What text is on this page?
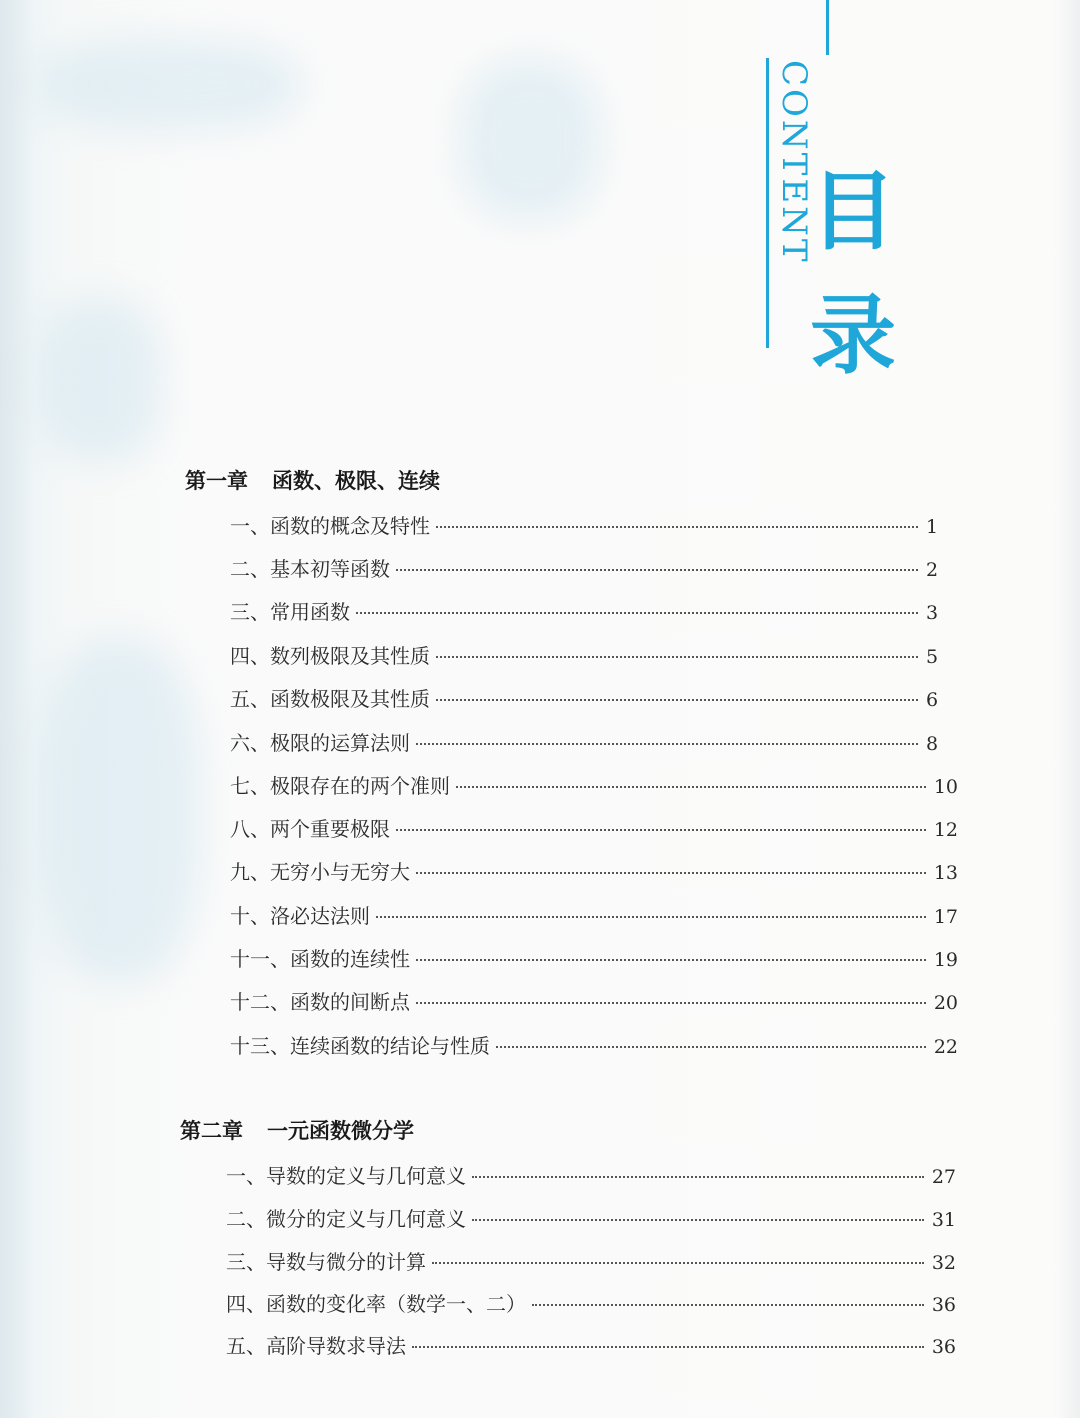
CONTENT
目
录
第一章 函数、极限、连续
一、函数的概念及特性	1
二、基本初等函数	2
三、常用函数	3
四、数列极限及其性质	5
五、函数极限及其性质	6
六、极限的运算法则	8
七、极限存在的两个准则	10
八、两个重要极限	12
九、无穷小与无穷大	13
十、洛必达法则	17
十一、函数的连续性	19
十二、函数的间断点	20
十三、连续函数的结论与性质	22
第二章 一元函数微分学
一、导数的定义与几何意义	27
二、微分的定义与几何意义	31
三、导数与微分的计算	32
四、函数的变化率（数学一、二）	36
五、高阶导数求导法	36
